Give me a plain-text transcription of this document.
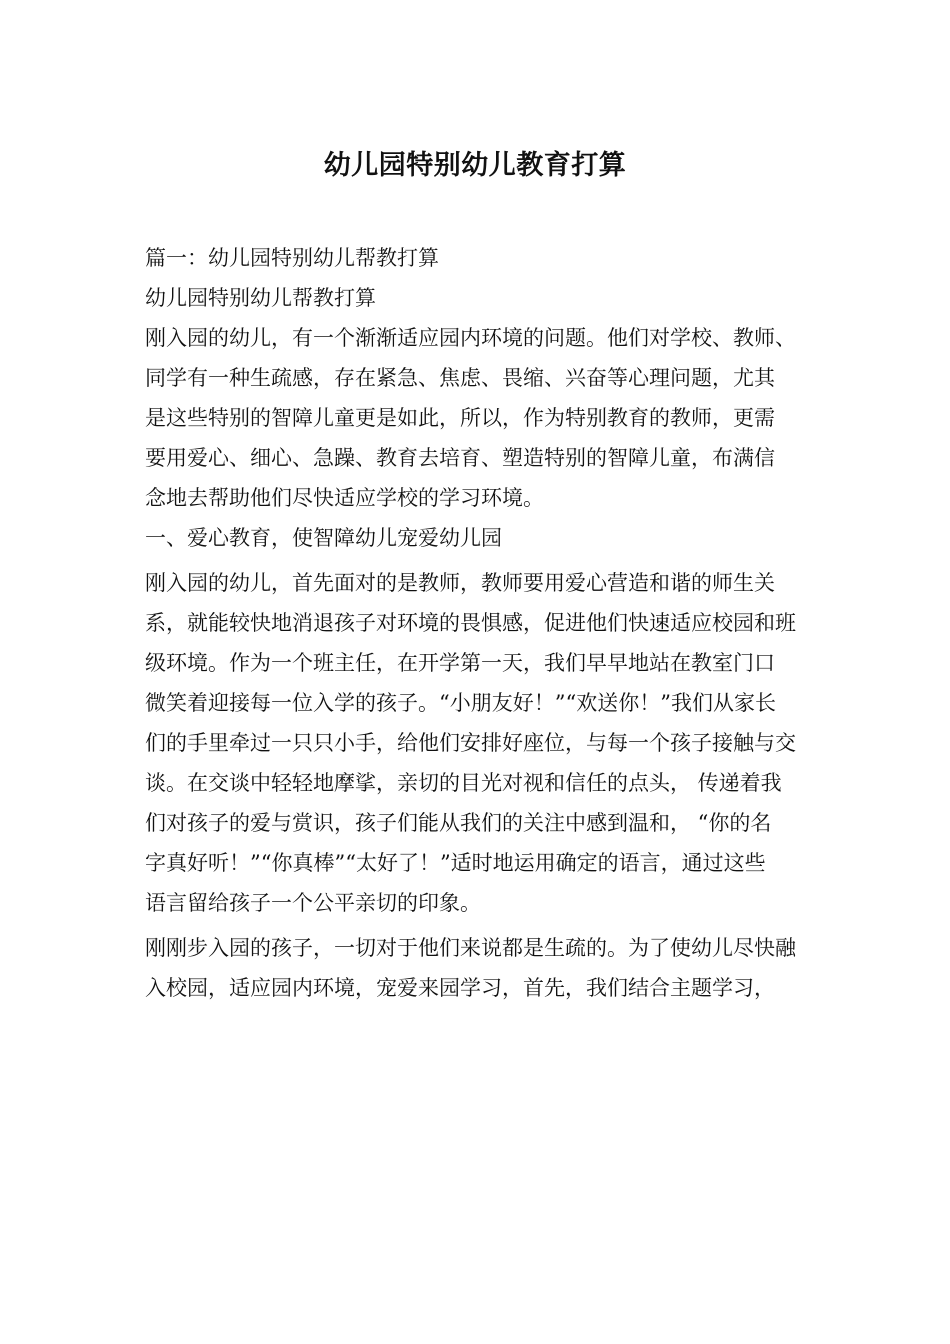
幼儿园特别幼儿教育打算
篇一：幼儿园特别幼儿帮教打算
幼儿园特别幼儿帮教打算
刚入园的幼儿，有一个渐渐适应园内环境的问题。他们对学校、教师、
同学有一种生疏感，存在紧急、焦虑、畏缩、兴奋等心理问题，尤其
是这些特别的智障儿童更是如此，所以，作为特别教育的教师，更需
要用爱心、细心、急躁、教育去培育、塑造特别的智障儿童，布满信
念地去帮助他们尽快适应学校的学习环境。
一、爱心教育，使智障幼儿宠爱幼儿园
刚入园的幼儿，首先面对的是教师，教师要用爱心营造和谐的师生关
系，就能较快地消退孩子对环境的畏惧感，促进他们快速适应校园和班
级环境。作为一个班主任，在开学第一天，我们早早地站在教室门口
微笑着迎接每一位入学的孩子。“小朋友好！”“欢送你！”我们从家长
们的手里牵过一只只小手，给他们安排好座位，与每一个孩子接触与交
谈。在交谈中轻轻地摩挲，亲切的目光对视和信任的点头， 传递着我
们对孩子的爱与赏识，孩子们能从我们的关注中感到温和， “你的名
字真好听！”“你真棒”“太好了！”适时地运用确定的语言，通过这些
语言留给孩子一个公平亲切的印象。
刚刚步入园的孩子，一切对于他们来说都是生疏的。为了使幼儿尽快融
入校园，适应园内环境，宠爱来园学习，首先，我们结合主题学习，
